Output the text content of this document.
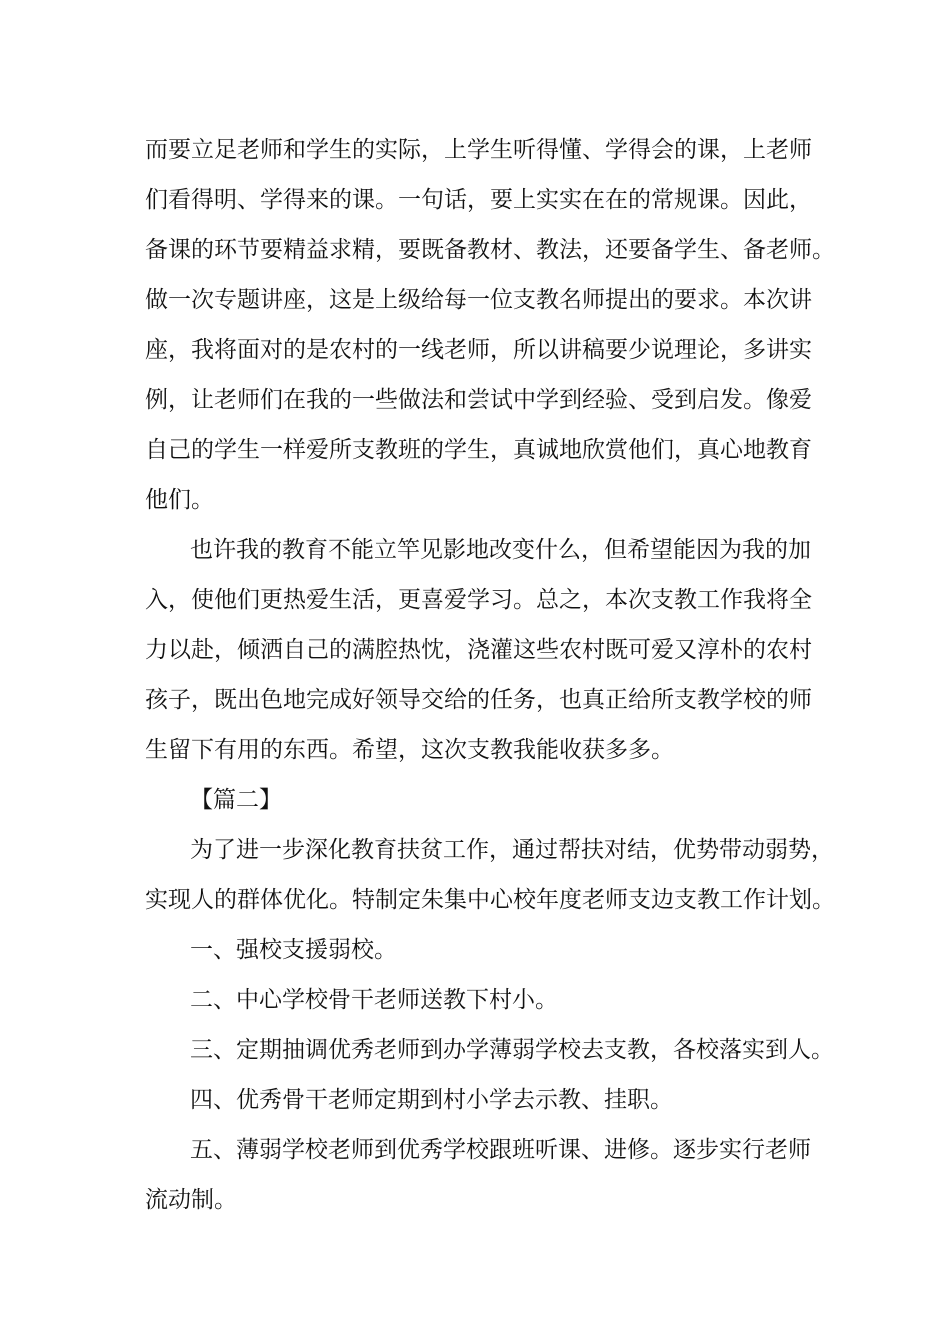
而要立足老师和学生的实际，上学生听得懂、学得会的课，上老师
们看得明、学得来的课。一句话，要上实实在在的常规课。因此，
备课的环节要精益求精，要既备教材、教法，还要备学生、备老师。
做一次专题讲座，这是上级给每一位支教名师提出的要求。本次讲
座，我将面对的是农村的一线老师，所以讲稿要少说理论，多讲实
例，让老师们在我的一些做法和尝试中学到经验、受到启发。像爱
自己的学生一样爱所支教班的学生，真诚地欣赏他们，真心地教育
他们。
也许我的教育不能立竿见影地改变什么，但希望能因为我的加
入，使他们更热爱生活，更喜爱学习。总之，本次支教工作我将全
力以赴，倾洒自己的满腔热忱，浇灌这些农村既可爱又淳朴的农村
孩子，既出色地完成好领导交给的任务，也真正给所支教学校的师
生留下有用的东西。希望，这次支教我能收获多多。
【篇二】
为了进一步深化教育扶贫工作，通过帮扶对结，优势带动弱势，
实现人的群体优化。特制定朱集中心校年度老师支边支教工作计划。
一、强校支援弱校。
二、中心学校骨干老师送教下村小。
三、定期抽调优秀老师到办学薄弱学校去支教，各校落实到人。
四、优秀骨干老师定期到村小学去示教、挂职。
五、薄弱学校老师到优秀学校跟班听课、进修。逐步实行老师
流动制。
